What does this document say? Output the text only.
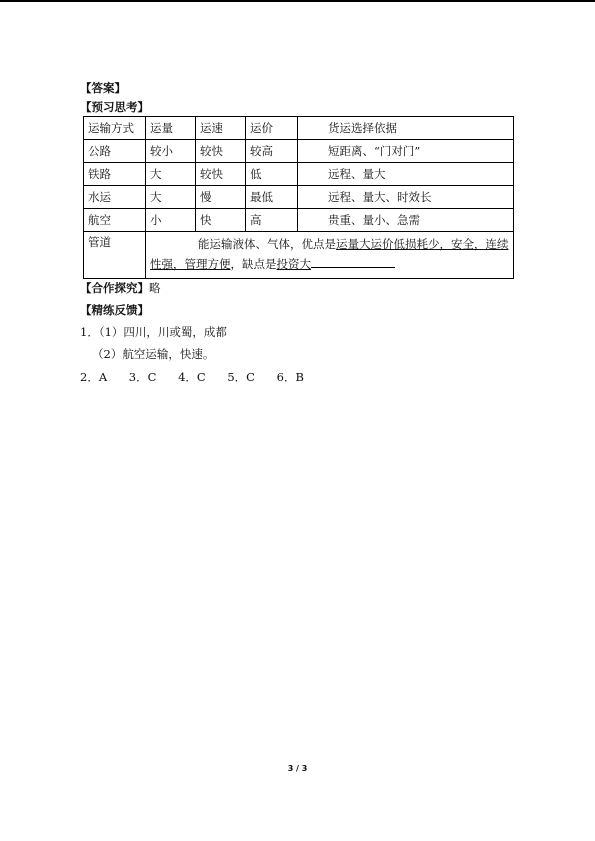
【答案】
【预习思考】
运输方式	运量	运速	运价	货运选择依据
公路	较小	较快	较高	短距离、“门对门”
铁路	大	较快	低	远程、量大
水运	大	慢	最低	远程、量大、时效长
航空	小	快	高	贵重、量小、急需
管道	能运输液体、气体，优点是运量大运价低损耗少，安全，连续
性强，管理方便，缺点是投资大			
【合作探究】略
【精练反馈】
1．（1）四川，川或蜀，成都
（2）航空运输，快速。
2．A 3．C 4．C 5．C 6．B
3 / 3
